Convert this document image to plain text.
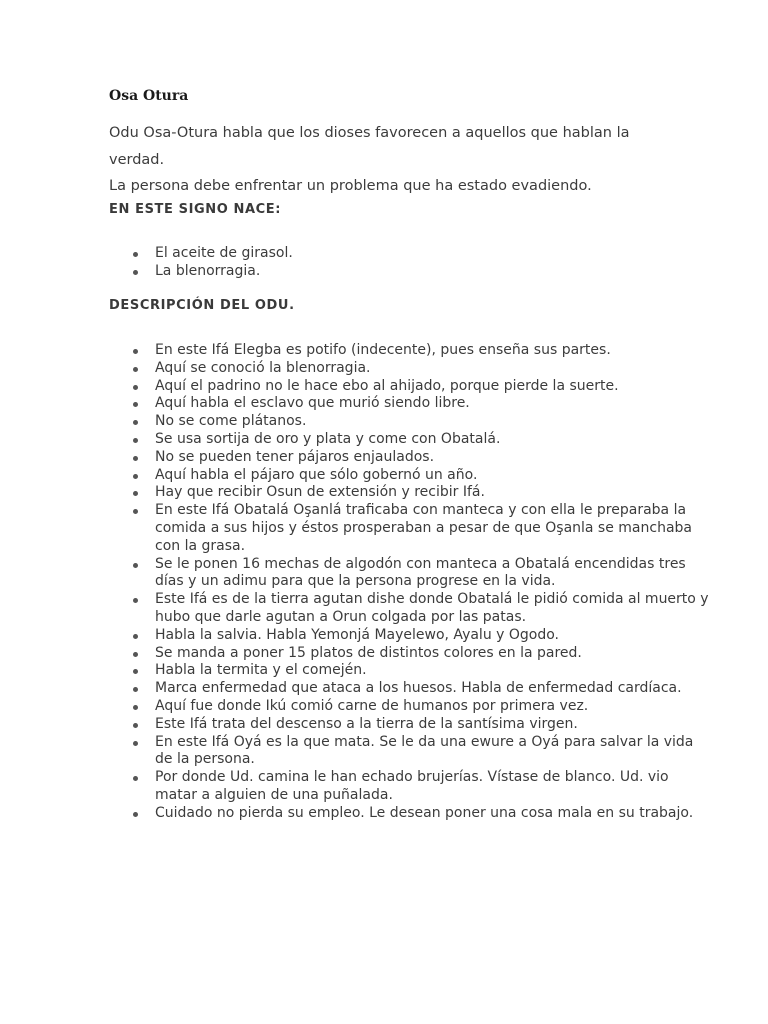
Osa Otura

Odu Osa-Otura habla que los dioses favorecen a aquellos que hablan la verdad.

La persona debe enfrentar un problema que ha estado evadiendo.

EN ESTE SIGNO NACE:
El aceite de girasol.
La blenorragia.
DESCRIPCIÓN DEL ODU.
En este Ifá Elegba es potifo (indecente), pues enseña sus partes.
Aquí se conoció la blenorragia.
Aquí el padrino no le hace ebo al ahijado, porque pierde la suerte.
Aquí habla el esclavo que murió siendo libre.
No se come plátanos.
Se usa sortija de oro y plata y come con Obatalá.
No se pueden tener pájaros enjaulados.
Aquí habla el pájaro que sólo gobernó un año.
Hay que recibir Osun de extensión y recibir Ifá.
En este Ifá Obatalá Oşanlá traficaba con manteca y con ella le preparaba la comida a sus hijos y éstos prosperaban a pesar de que Oşanla se manchaba con la grasa.
Se le ponen 16 mechas de algodón con manteca a Obatalá encendidas tres días y un adimu para que la persona progrese en la vida.
Este Ifá es de la tierra agutan dishe donde Obatalá le pidió comida al muerto y hubo que darle agutan a Orun colgada por las patas.
Habla la salvia. Habla Yemonjá Mayelewo, Ayalu y Ogodo.
Se manda a poner 15 platos de distintos colores en la pared.
Habla la termita y el comején.
Marca enfermedad que ataca a los huesos. Habla de enfermedad cardíaca.
Aquí fue donde Ikú comió carne de humanos por primera vez.
Este Ifá trata del descenso a la tierra de la santísima virgen.
En este Ifá Oyá es la que mata. Se le da una ewure a Oyá para salvar la vida de la persona.
Por donde Ud. camina le han echado brujerías. Vístase de blanco. Ud. vio matar a alguien de una puñalada.
Cuidado no pierda su empleo. Le desean poner una cosa mala en su trabajo.
